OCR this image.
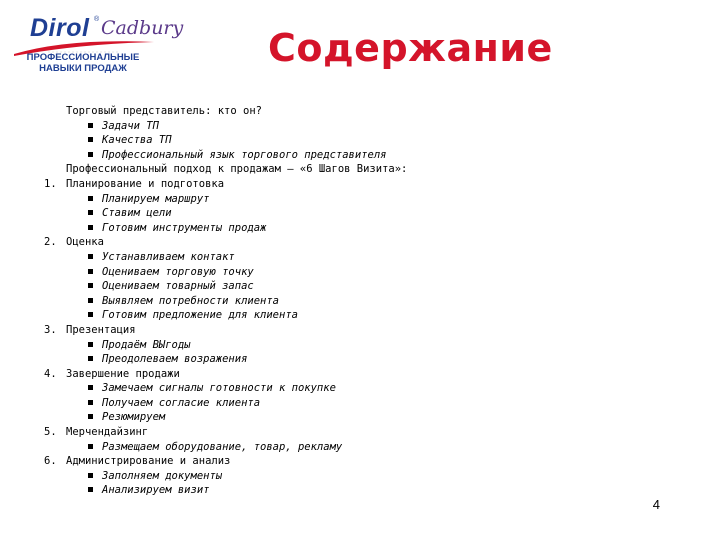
Dirol ® Cadbury
ПРОФЕССИОНАЛЬНЫЕ
НАВЫКИ ПРОДАЖ	Содержание
Торговый представитель: кто он?
Задачи ТП
Качества ТП
Профессиональный язык торгового представителя
Профессиональный подход к продажам – «6 Шагов Визита»:
1. Планирование и подготовка
Планируем маршрут
Ставим цели
Готовим инструменты продаж
2. Оценка
Устанавливаем контакт
Оцениваем торговую точку
Оцениваем товарный запас
Выявляем потребности клиента
Готовим предложение для клиента
3. Презентация
Продаём ВЫгоды
Преодолеваем возражения
4. Завершение продажи
Замечаем сигналы готовности к покупке
Получаем согласие клиента
Резюмируем
5. Мерчендайзинг
Размещаем оборудование, товар, рекламу
6. Администрирование и анализ
Заполняем документы
Анализируем визит
4
